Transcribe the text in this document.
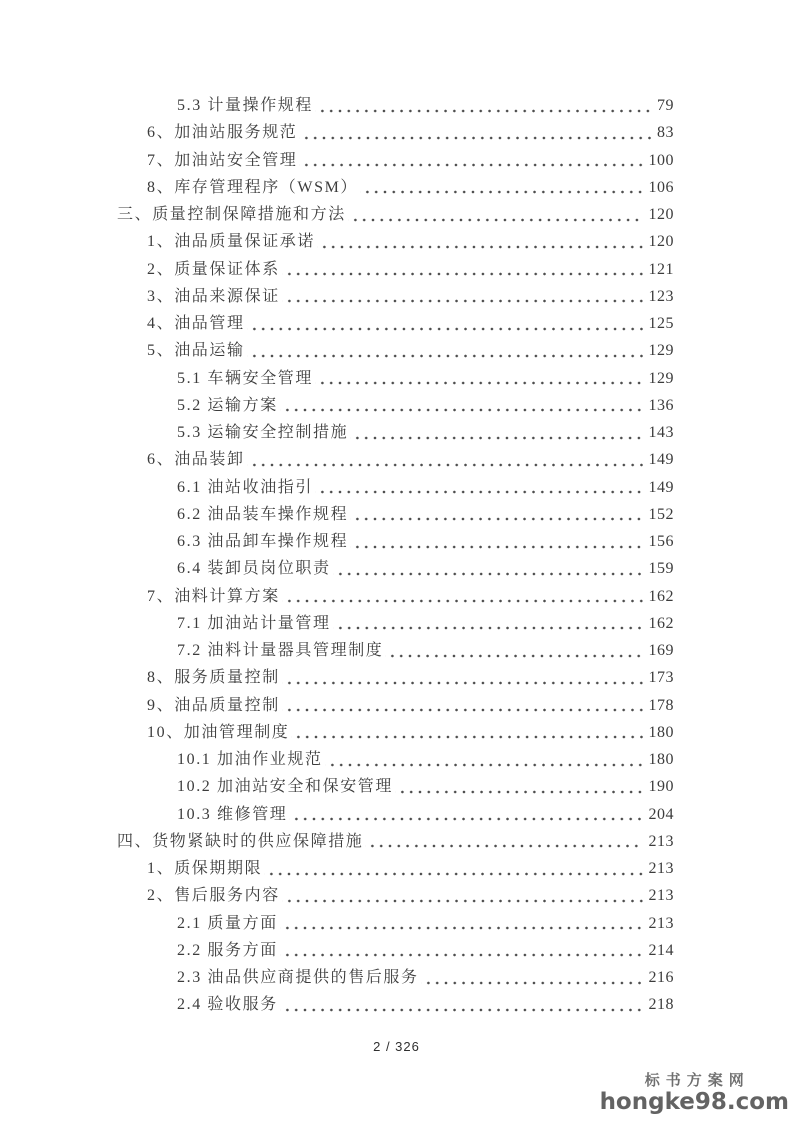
5.3 计量操作规程	79
6、加油站服务规范	83
7、加油站安全管理	100
8、库存管理程序（WSM）	106
三、质量控制保障措施和方法	120
1、油品质量保证承诺	120
2、质量保证体系	121
3、油品来源保证	123
4、油品管理	125
5、油品运输	129
5.1 车辆安全管理	129
5.2 运输方案	136
5.3 运输安全控制措施	143
6、油品装卸	149
6.1 油站收油指引	149
6.2 油品装车操作规程	152
6.3 油品卸车操作规程	156
6.4 装卸员岗位职责	159
7、油料计算方案	162
7.1 加油站计量管理	162
7.2 油料计量器具管理制度	169
8、服务质量控制	173
9、油品质量控制	178
10、加油管理制度	180
10.1 加油作业规范	180
10.2 加油站安全和保安管理	190
10.3 维修管理	204
四、货物紧缺时的供应保障措施	213
1、质保期期限	213
2、售后服务内容	213
2.1 质量方面	213
2.2 服务方面	214
2.3 油品供应商提供的售后服务	216
2.4 验收服务	218
2 / 326
标书方案网
hongke98.com
